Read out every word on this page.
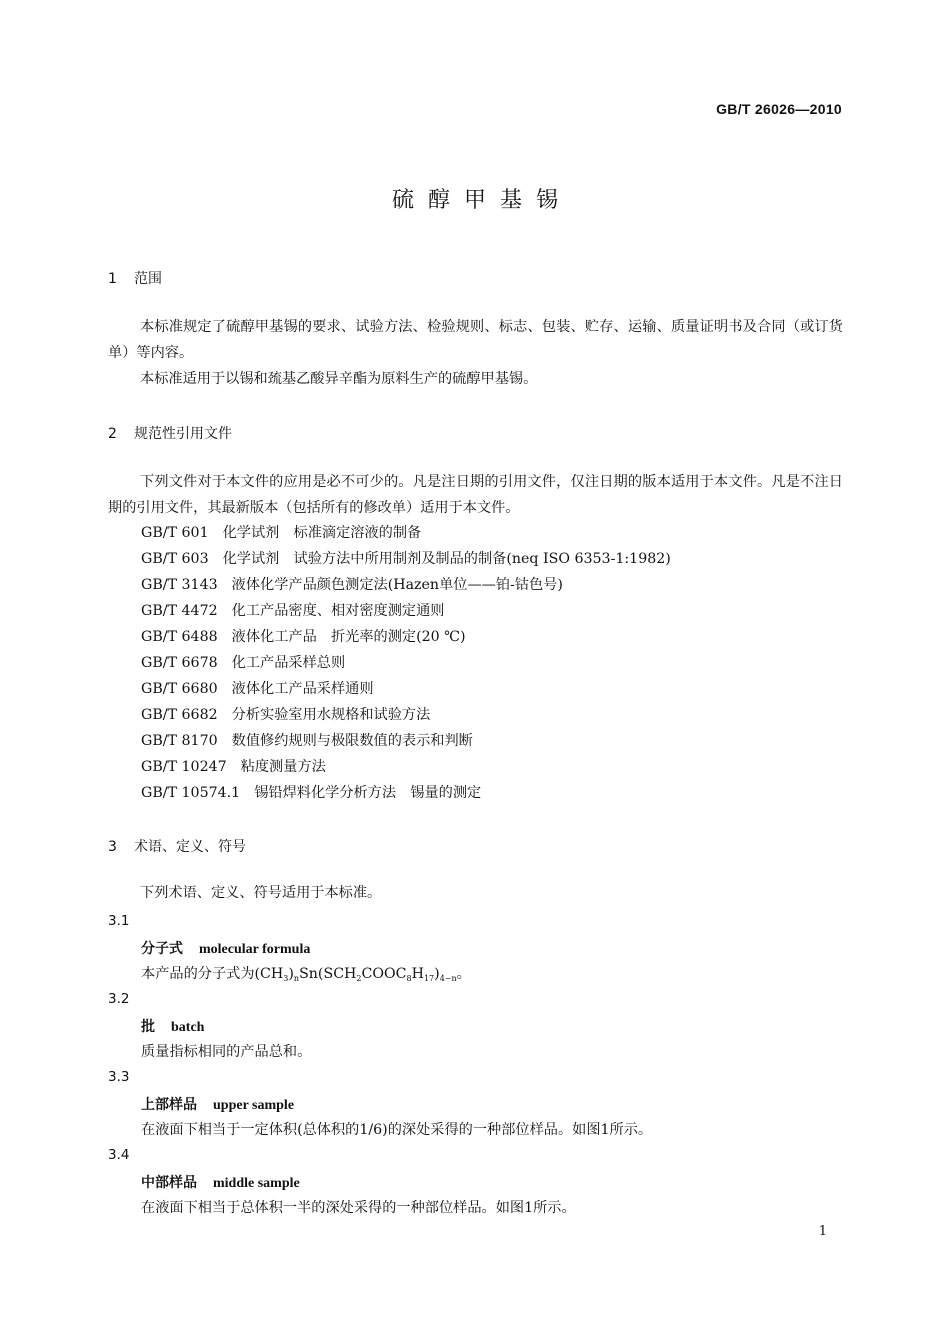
GB/T 26026—2010
硫醇甲基锡
1 范围
本标准规定了硫醇甲基锡的要求、试验方法、检验规则、标志、包装、贮存、运输、质量证明书及合同（或订货单）等内容。
本标准适用于以锡和巯基乙酸异辛酯为原料生产的硫醇甲基锡。
2 规范性引用文件
下列文件对于本文件的应用是必不可少的。凡是注日期的引用文件，仅注日期的版本适用于本文件。凡是不注日期的引用文件，其最新版本（包括所有的修改单）适用于本文件。
GB/T 601 化学试剂　标准滴定溶液的制备
GB/T 603 化学试剂　试验方法中所用制剂及制品的制备(neq ISO 6353-1:1982)
GB/T 3143 液体化学产品颜色测定法(Hazen单位——铂-钴色号)
GB/T 4472 化工产品密度、相对密度测定通则
GB/T 6488 液体化工产品　折光率的测定(20 ℃)
GB/T 6678 化工产品采样总则
GB/T 6680 液体化工产品采样通则
GB/T 6682 分析实验室用水规格和试验方法
GB/T 8170 数值修约规则与极限数值的表示和判断
GB/T 10247 粘度测量方法
GB/T 10574.1 锡铅焊料化学分析方法　锡量的测定
3 术语、定义、符号
下列术语、定义、符号适用于本标准。
3.1
分子式 molecular formula
本产品的分子式为$(CH_3)_nSn(SCH_2COOC_8H_{17})_{4-n}$。
3.2
批 batch
质量指标相同的产品总和。
3.3
上部样品 upper sample
在液面下相当于一定体积(总体积的1/6)的深处采得的一种部位样品。如图1所示。
3.4
中部样品 middle sample
在液面下相当于总体积一半的深处采得的一种部位样品。如图1所示。
1
